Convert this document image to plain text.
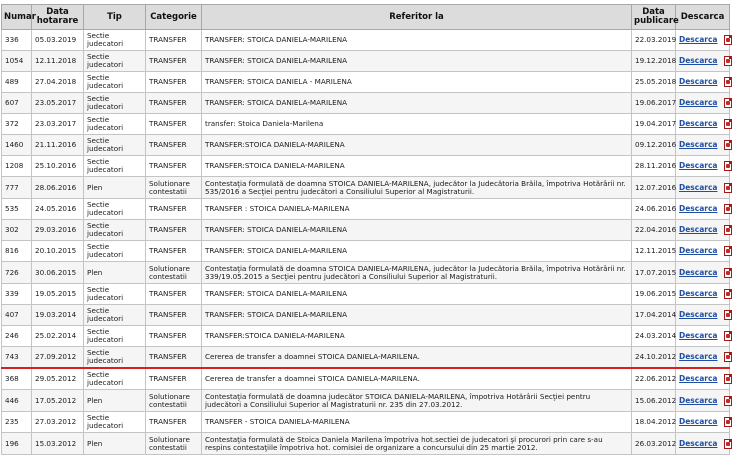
Numar	Data hotarare	Tip	Categorie	Referitor la	Data publicare	Descarca
336	05.03.2019	Sectie judecatori	TRANSFER	TRANSFER: STOICA DANIELA-MARILENA	22.03.2019	Descarca
1054	12.11.2018	Sectie judecatori	TRANSFER	TRANSFER: STOICA DANIELA-MARILENA	19.12.2018	Descarca
489	27.04.2018	Sectie judecatori	TRANSFER	TRANSFER: STOICA DANIELA - MARILENA	25.05.2018	Descarca
607	23.05.2017	Sectie judecatori	TRANSFER	TRANSFER: STOICA DANIELA-MARILENA	19.06.2017	Descarca
372	23.03.2017	Sectie judecatori	TRANSFER	transfer: Stoica Daniela-Marilena	19.04.2017	Descarca
1460	21.11.2016	Sectie judecatori	TRANSFER	TRANSFER:STOICA DANIELA-MARILENA	09.12.2016	Descarca
1208	25.10.2016	Sectie judecatori	TRANSFER	TRANSFER:STOICA DANIELA-MARILENA	28.11.2016	Descarca
777	28.06.2016	Plen	Solutionare contestatii	Contestaţia formulată de doamna STOICA DANIELA-MARILENA, judecător la Judecătoria Brăila, împotriva Hotărârii nr. 535/2016 a Secţiei pentru judecători a Consiliului Superior al Magistraturii.	12.07.2016	Descarca
535	24.05.2016	Sectie judecatori	TRANSFER	TRANSFER : STOICA DANIELA-MARILENA	24.06.2016	Descarca
302	29.03.2016	Sectie judecatori	TRANSFER	TRANSFER: STOICA DANIELA-MARILENA	22.04.2016	Descarca
816	20.10.2015	Sectie judecatori	TRANSFER	TRANSFER: STOICA DANIELA-MARILENA	12.11.2015	Descarca
726	30.06.2015	Plen	Solutionare contestatii	Contestaţia formulată de doamna STOICA DANIELA-MARILENA, judecător la Judecătoria Brăila, împotriva Hotărârii nr. 339/19.05.2015 a Secţiei pentru judecători a Consiliului Superior al Magistraturii.	17.07.2015	Descarca
339	19.05.2015	Sectie judecatori	TRANSFER	TRANSFER: STOICA DANIELA-MARILENA	19.06.2015	Descarca
407	19.03.2014	Sectie judecatori	TRANSFER	TRANSFER: STOICA DANIELA-MARILENA	17.04.2014	Descarca
246	25.02.2014	Sectie judecatori	TRANSFER	TRANSFER:STOICA DANIELA-MARILENA	24.03.2014	Descarca
743	27.09.2012	Sectie judecatori	TRANSFER	Cererea de transfer a doamnei STOICA DANIELA-MARILENA.	24.10.2012	Descarca
368	29.05.2012	Sectie judecatori	TRANSFER	Cererea de transfer a doamnei STOICA DANIELA-MARILENA.	22.06.2012	Descarca
446	17.05.2012	Plen	Solutionare contestatii	Contestaţia formulată de doamna judecător STOICA DANIELA-MARILENA, împotriva Hotărârii Secţiei pentru judecători a Consiliului Superior al Magistraturii nr. 235 din 27.03.2012.	15.06.2012	Descarca
235	27.03.2012	Sectie judecatori	TRANSFER	TRANSFER - STOICA DANIELA-MARILENA	18.04.2012	Descarca
196	15.03.2012	Plen	Solutionare contestatii	Contestaţia formulată de Stoica Daniela Marilena împotriva hot.sectiei de judecatori şi procurori prin care s-au respins contestaţiile împotriva hot. comisiei de organizare a concursului din 25 martie 2012.	26.03.2012	Descarca
